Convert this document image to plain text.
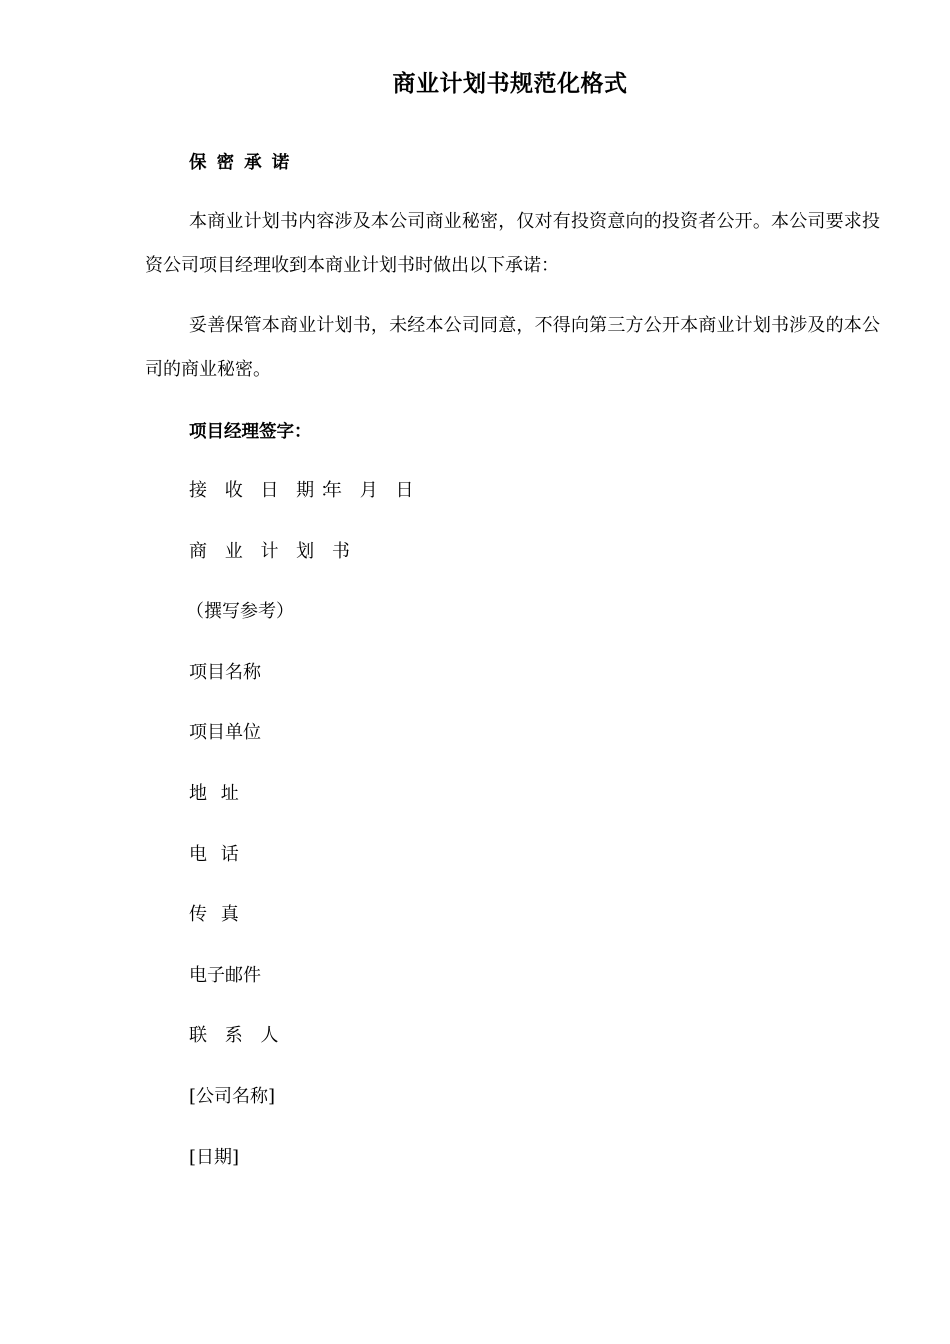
商业计划书规范化格式
保 密 承 诺
本商业计划书内容涉及本公司商业秘密，仅对有投资意向的投资者公开。本公司要求投资公司项目经理收到本商业计划书时做出以下承诺：
妥善保管本商业计划书，未经本公司同意，不得向第三方公开本商业计划书涉及的本公司的商业秘密。
项目经理签字：
接 收 日 期：
年 月 日
商 业 计 划 书
（撰写参考）
项目名称
项目单位
地 址
电 话
传 真
电子邮件
联 系 人
[公司名称]
[日期]
